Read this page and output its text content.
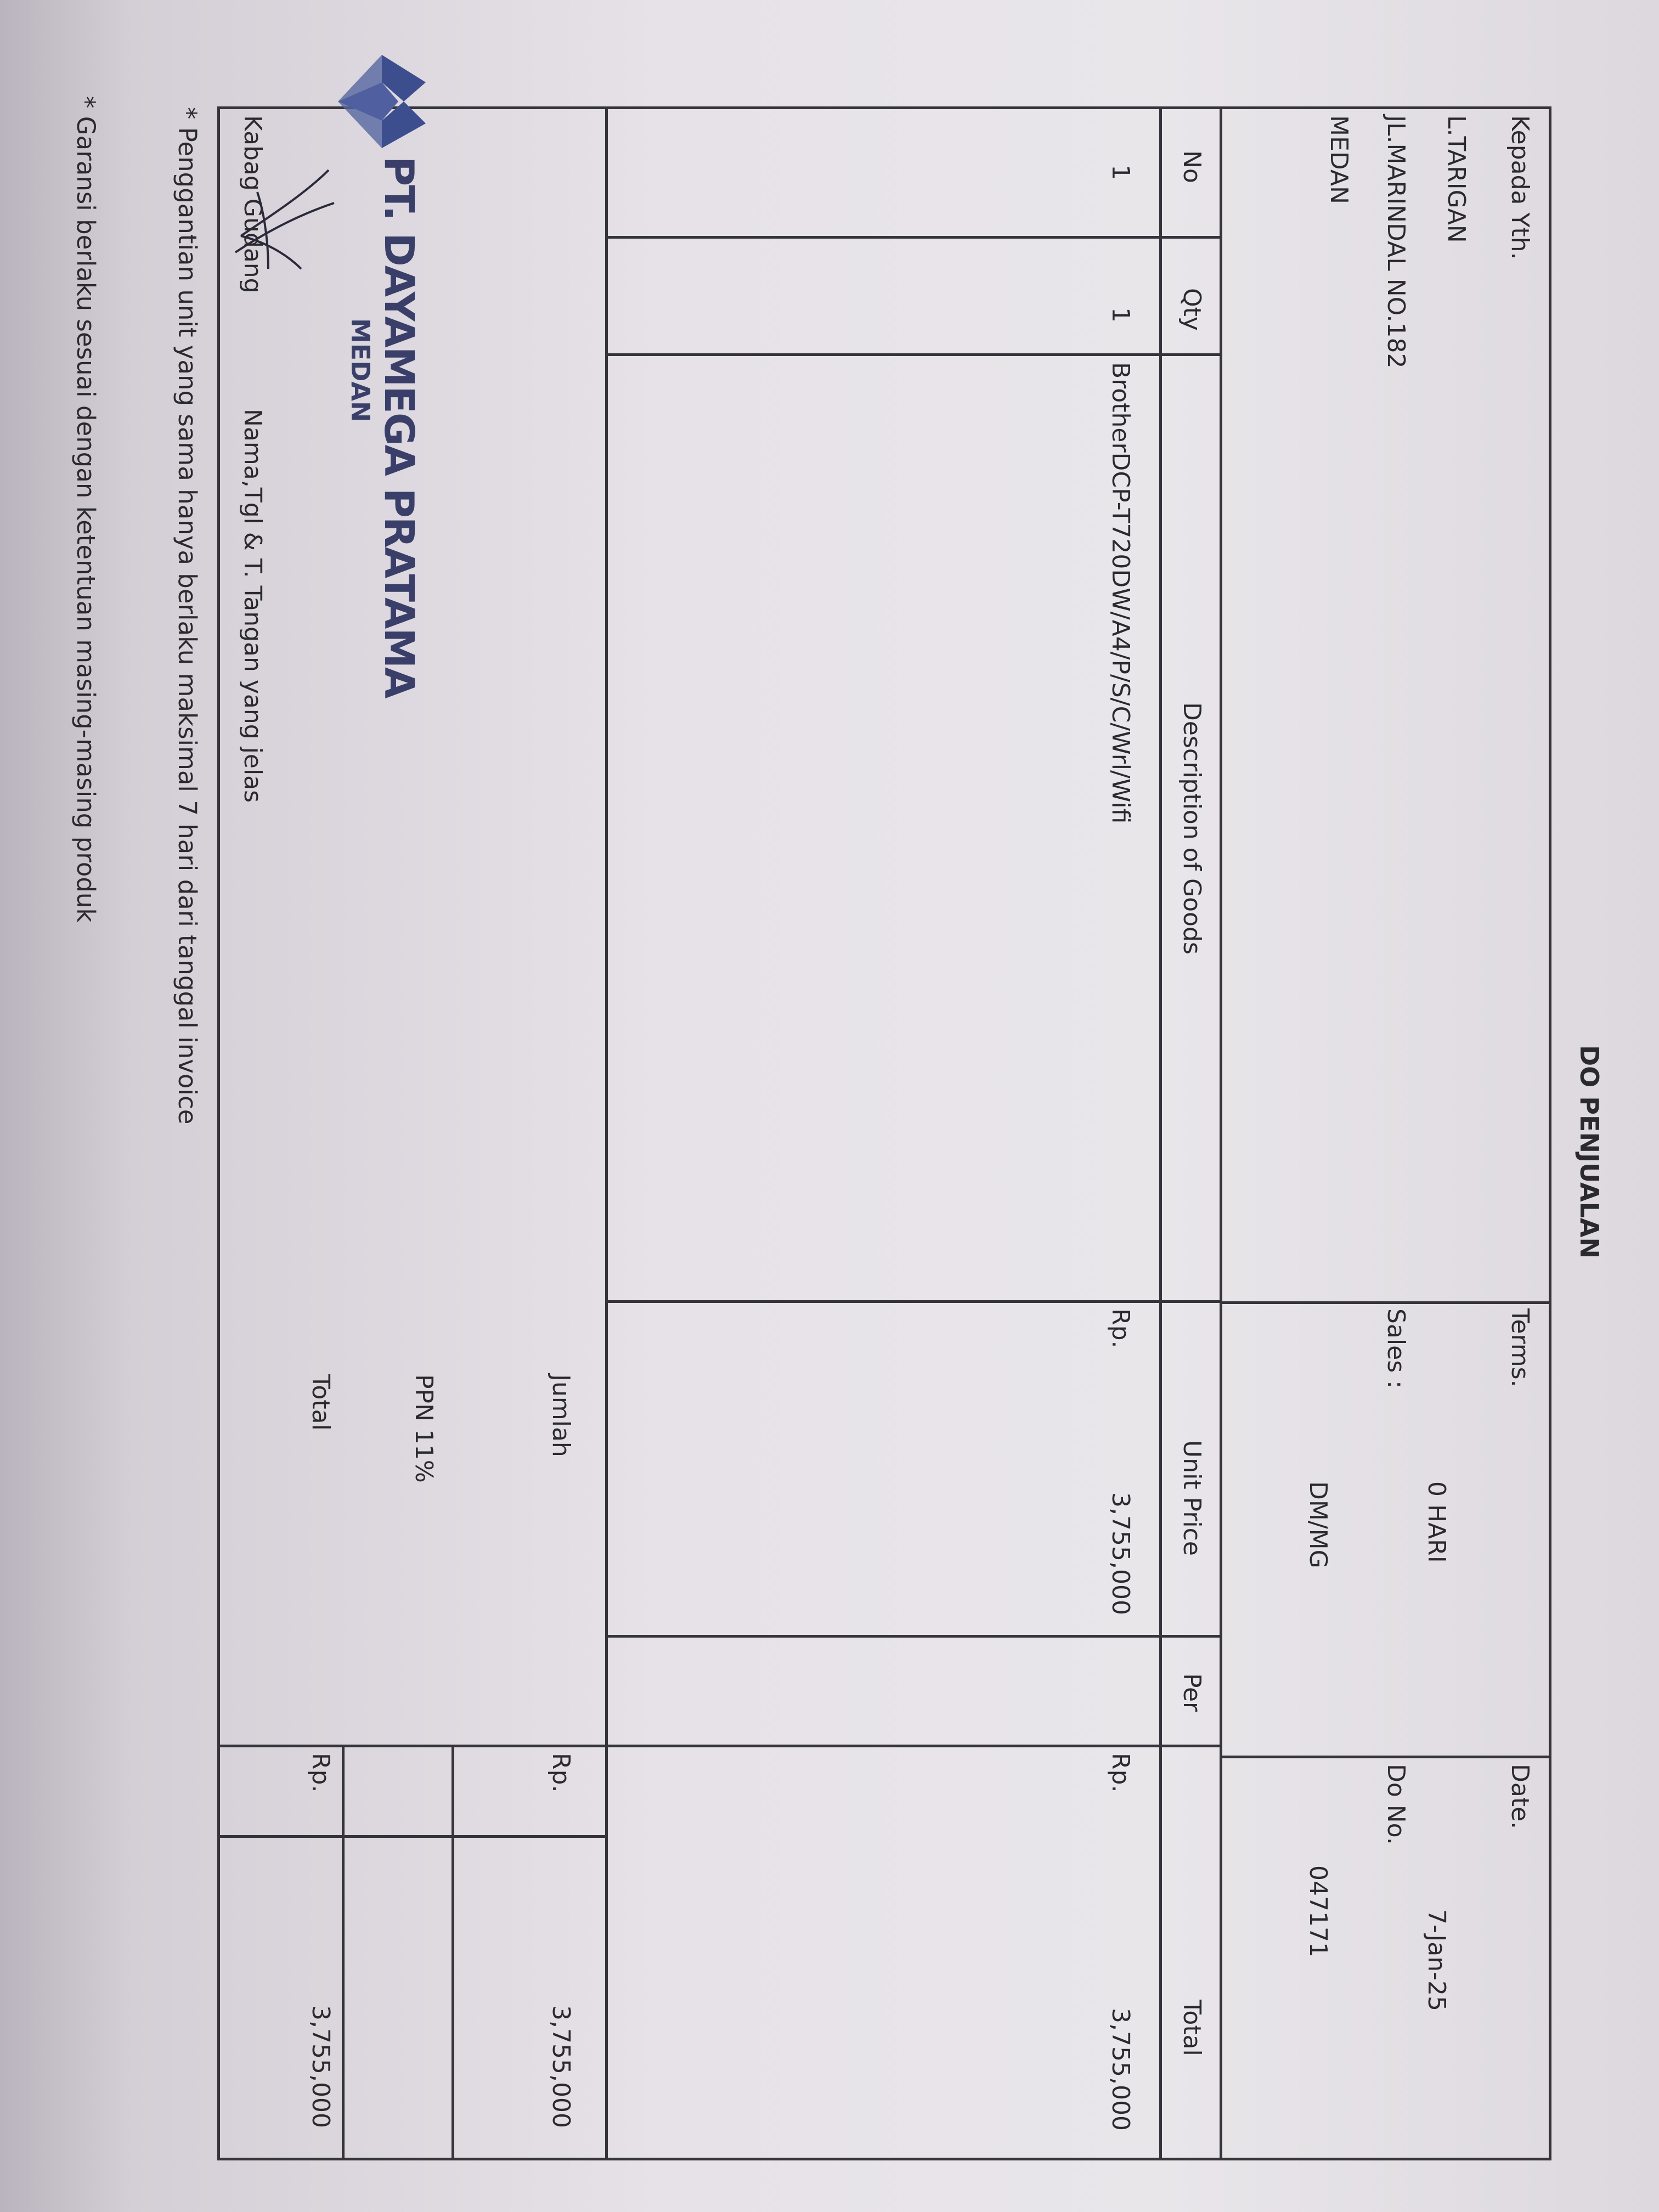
DO PENJUALAN
Kepada Yth.
L.TARIGAN
JL.MARINDAL NO.182
MEDAN
Terms.
0 HARI
Sales :
DM/MG
Date.
7-Jan-25
Do No.
047171
No
Qty
Description of Goods
Unit Price
Per
Total
1
1
BrotherDCP-T720DW/A4/P/S/C/Wrl/Wifi
Rp.
3,755,000
Rp.
3,755,000
Jumlah
Rp.
3,755,000
PPN 11%
Total
Rp.
3,755,000
PT. DAYAMEGA PRATAMA
MEDAN
Kabag Gudang
Nama,Tgl & T. Tangan yang jelas
* Penggantian unit yang sama hanya berlaku maksimal 7 hari dari tanggal invoice
* Garansi berlaku sesuai dengan ketentuan masing-masing produk
